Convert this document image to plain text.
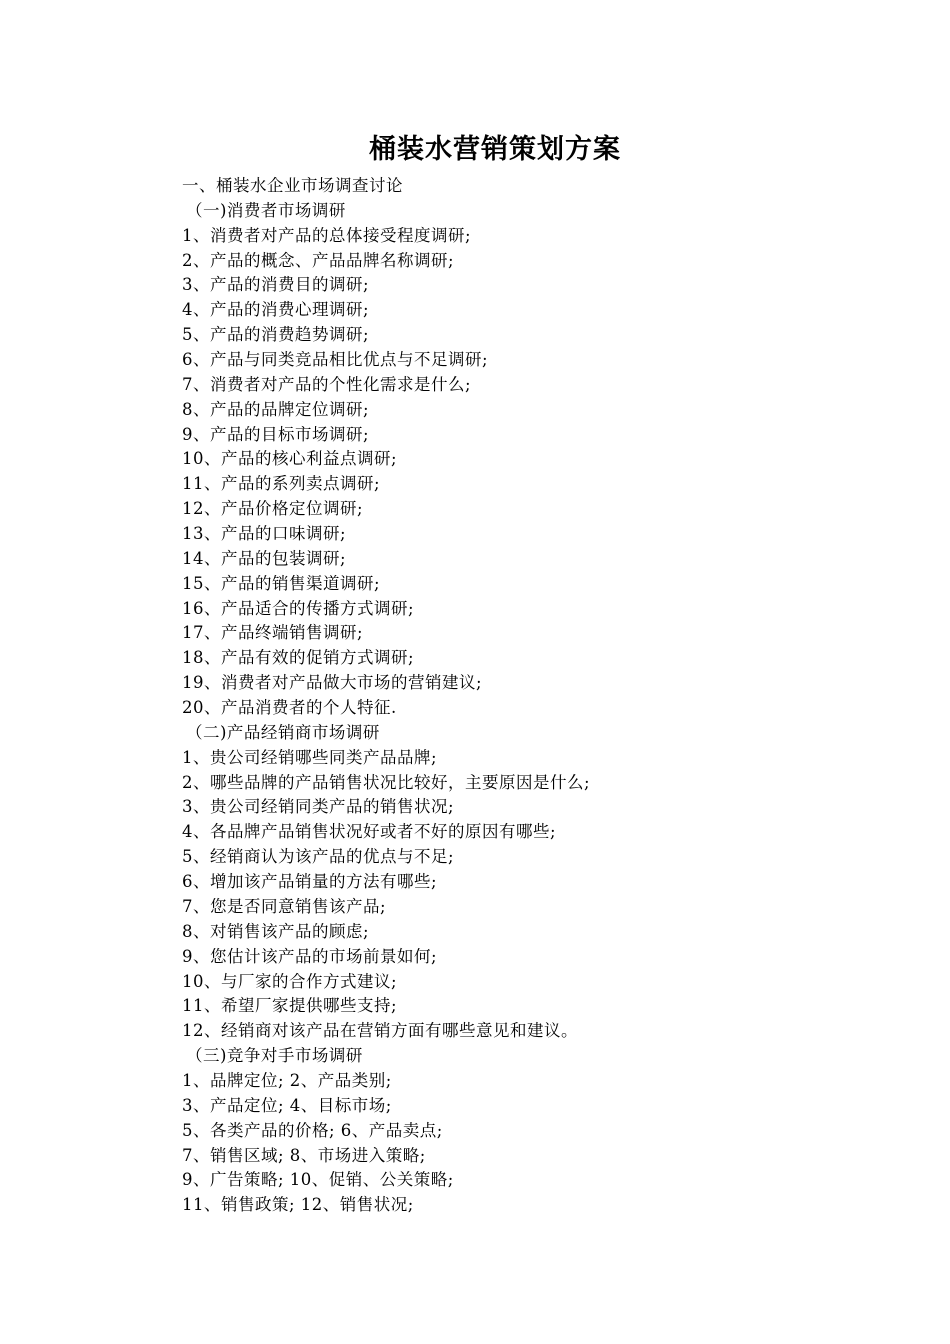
桶装水营销策划方案
一、桶装水企业市场调查讨论
（一)消费者市场调研
1、消费者对产品的总体接受程度调研;
2、产品的概念、产品品牌名称调研;
3、产品的消费目的调研;
4、产品的消费心理调研;
5、产品的消费趋势调研;
6、产品与同类竞品相比优点与不足调研;
7、消费者对产品的个性化需求是什么;
8、产品的品牌定位调研;
9、产品的目标市场调研;
10、产品的核心利益点调研;
11、产品的系列卖点调研;
12、产品价格定位调研;
13、产品的口味调研;
14、产品的包装调研;
15、产品的销售渠道调研;
16、产品适合的传播方式调研;
17、产品终端销售调研;
18、产品有效的促销方式调研;
19、消费者对产品做大市场的营销建议;
20、产品消费者的个人特征.
（二)产品经销商市场调研
1、贵公司经销哪些同类产品品牌;
2、哪些品牌的产品销售状况比较好，主要原因是什么;
3、贵公司经销同类产品的销售状况;
4、各品牌产品销售状况好或者不好的原因有哪些;
5、经销商认为该产品的优点与不足;
6、增加该产品销量的方法有哪些;
7、您是否同意销售该产品;
8、对销售该产品的顾虑;
9、您估计该产品的市场前景如何;
10、与厂家的合作方式建议;
11、希望厂家提供哪些支持;
12、经销商对该产品在营销方面有哪些意见和建议。
（三)竞争对手市场调研
1、品牌定位; 2、产品类别;
3、产品定位; 4、目标市场;
5、各类产品的价格; 6、产品卖点;
7、销售区域; 8、市场进入策略;
9、广告策略; 10、促销、公关策略;
11、销售政策; 12、销售状况;
